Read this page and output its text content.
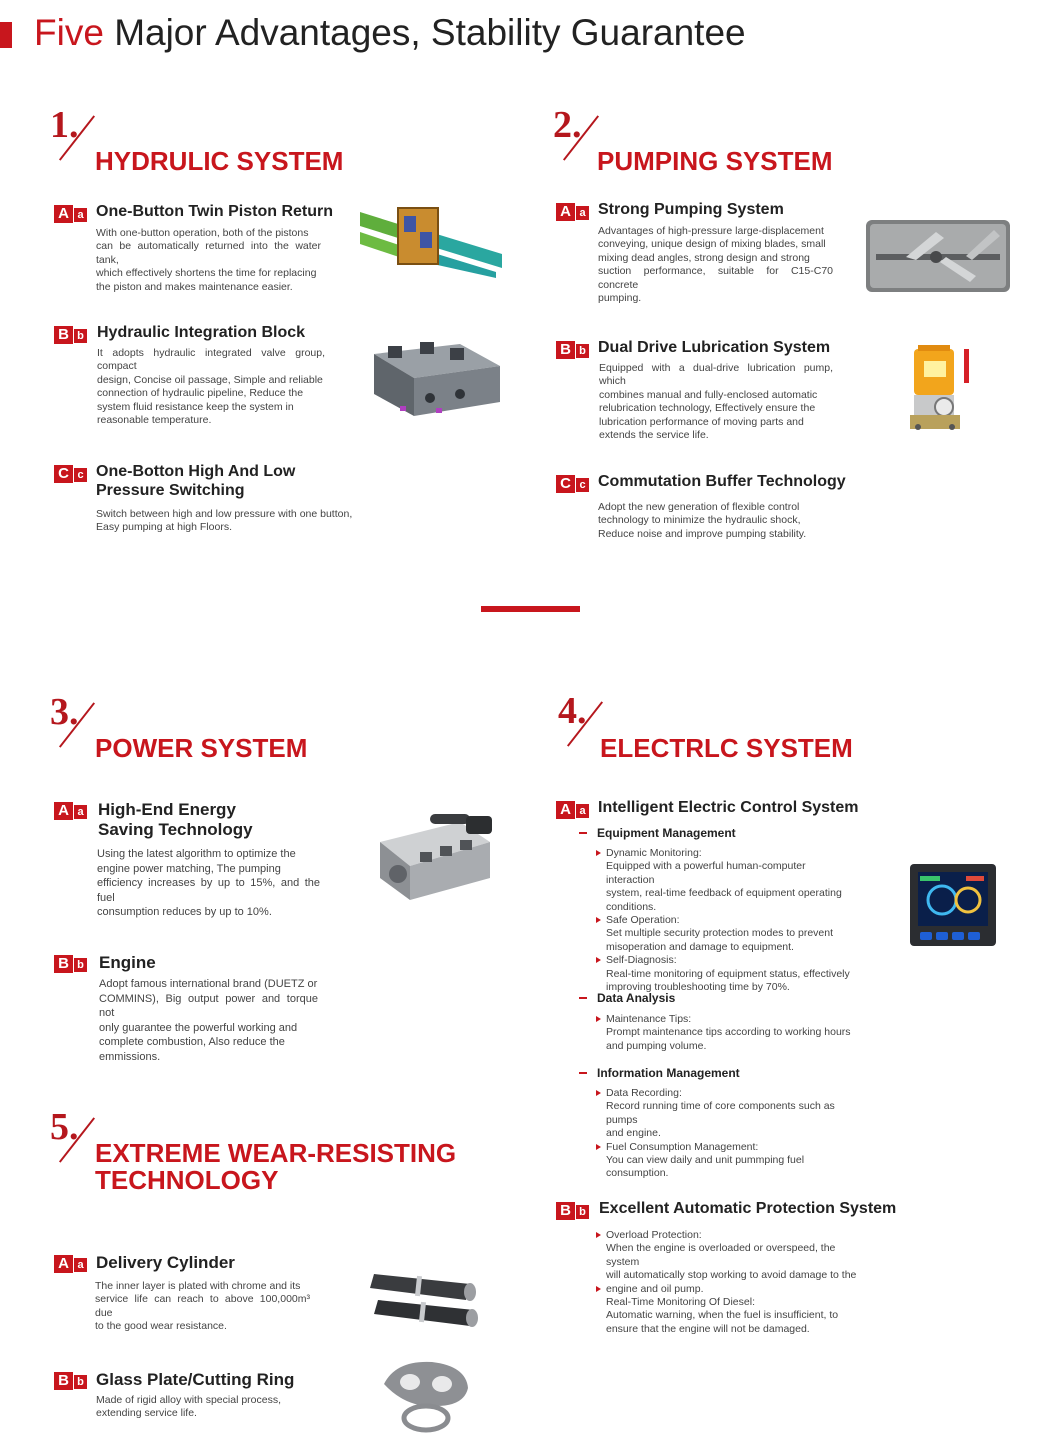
Five Major Advantages, Stability Guarantee
1.
HYDRULIC SYSTEM
A a One-Button Twin Piston Return
With one-button operation, both of the pistons
can be automatically returned into the water tank,
which effectively shortens the time for replacing
the piston and makes maintenance easier.
B b Hydraulic Integration Block
It adopts hydraulic integrated valve group, compact
design, Concise oil passage, Simple and reliable
connection of hydraulic pipeline, Reduce the
system fluid resistance keep the system in
reasonable temperature.
C c One-Botton High And Low
Pressure Switching
Switch between high and low pressure with one button,
Easy pumping at high Floors.
2.
PUMPING SYSTEM
A a Strong Pumping System
Advantages of high-pressure large-displacement
conveying, unique design of mixing blades, small
mixing dead angles, strong design and strong
suction performance, suitable for C15-C70 concrete
pumping.
B b Dual Drive Lubrication System
Equipped with a dual-drive lubrication pump, which
combines manual and fully-enclosed automatic
relubrication technology, Effectively ensure the
lubrication performance of moving parts and
extends the service life.
C c Commutation Buffer Technology
Adopt the new generation of flexible control
technology to minimize the hydraulic shock,
Reduce noise and improve pumping stability.
3.
POWER SYSTEM
A a High-End Energy
Saving Technology
Using the latest algorithm to optimize the
engine power matching, The pumping
efficiency increases by up to 15%, and the fuel
consumption reduces by up to 10%.
B b Engine
Adopt famous international brand (DUETZ or
COMMINS), Big output power and torque not
only guarantee the powerful working and
complete combustion, Also reduce the
emmissions.
4.
ELECTRLC SYSTEM
A a Intelligent Electric Control System
Equipment Management
Dynamic Monitoring:
Equipped with a powerful human-computer interaction
system, real-time feedback of equipment operating
conditions.
Safe Operation:
Set multiple security protection modes to prevent
misoperation and damage to equipment.
Self-Diagnosis:
Real-time monitoring of equipment status, effectively
improving troubleshooting time by 70%.
Data Analysis
Maintenance Tips:
Prompt maintenance tips according to working hours
and pumping volume.
Information Management
Data Recording:
Record running time of core components such as pumps
and engine.
Fuel Consumption Management:
You can view daily and unit pummping fuel consumption.
B b Excellent Automatic Protection System
Overload Protection:
When the engine is overloaded or overspeed, the system
will automatically stop working to avoid damage to the
engine and oil pump.
Real-Time Monitoring Of Diesel:
Automatic warning, when the fuel is insufficient, to
ensure that the engine will not be damaged.
5.
EXTREME WEAR-RESISTING
TECHNOLOGY
A a Delivery Cylinder
The inner layer is plated with chrome and its
service life can reach to above 100,000m³ due
to the good wear resistance.
B b Glass Plate/Cutting Ring
Made of rigid alloy with special process,
extending service life.
